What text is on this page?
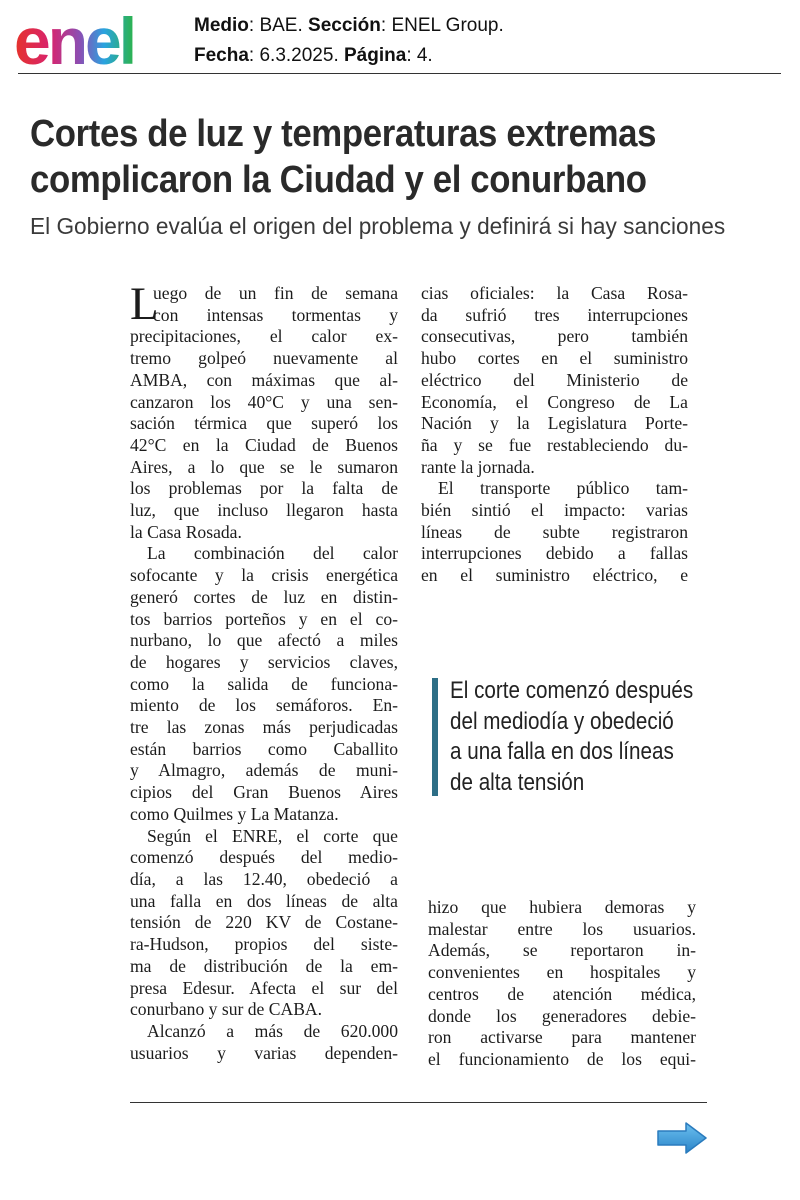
enel	Medio: BAE. Sección: ENEL Group.
Fecha: 6.3.2025. Página: 4.
Cortes de luz y temperaturas extremas
complicaron la Ciudad y el conurbano
El Gobierno evalúa el origen del problema y definirá si hay sanciones
L
uego de un fin de semana
con intensas tormentas y
precipitaciones, el calor ex-
tremo golpeó nuevamente al
AMBA, con máximas que al-
canzaron los 40°C y una sen-
sación térmica que superó los
42°C en la Ciudad de Buenos
Aires, a lo que se le sumaron
los problemas por la falta de
luz, que incluso llegaron hasta
la Casa Rosada.
La combinación del calor
sofocante y la crisis energética
generó cortes de luz en distin-
tos barrios porteños y en el co-
nurbano, lo que afectó a miles
de hogares y servicios claves,
como la salida de funciona-
miento de los semáforos. En-
tre las zonas más perjudicadas
están barrios como Caballito
y Almagro, además de muni-
cipios del Gran Buenos Aires
como Quilmes y La Matanza.
Según el ENRE, el corte que
comenzó después del medio-
día, a las 12.40, obedeció a
una falla en dos líneas de alta
tensión de 220 KV de Costane-
ra-Hudson, propios del siste-
ma de distribución de la em-
presa Edesur. Afecta el sur del
conurbano y sur de CABA.
Alcanzó a más de 620.000
usuarios y varias dependen-
cias oficiales: la Casa Rosa-
da sufrió tres interrupciones
consecutivas, pero también
hubo cortes en el suministro
eléctrico del Ministerio de
Economía, el Congreso de La
Nación y la Legislatura Porte-
ña y se fue restableciendo du-
rante la jornada.
El transporte público tam-
bién sintió el impacto: varias
líneas de subte registraron
interrupciones debido a fallas
en el suministro eléctrico, e
El corte comenzó después
del mediodía y obedeció
a una falla en dos líneas
de alta tensión
hizo que hubiera demoras y
malestar entre los usuarios.
Además, se reportaron in-
convenientes en hospitales y
centros de atención médica,
donde los generadores debie-
ron activarse para mantener
el funcionamiento de los equi-
